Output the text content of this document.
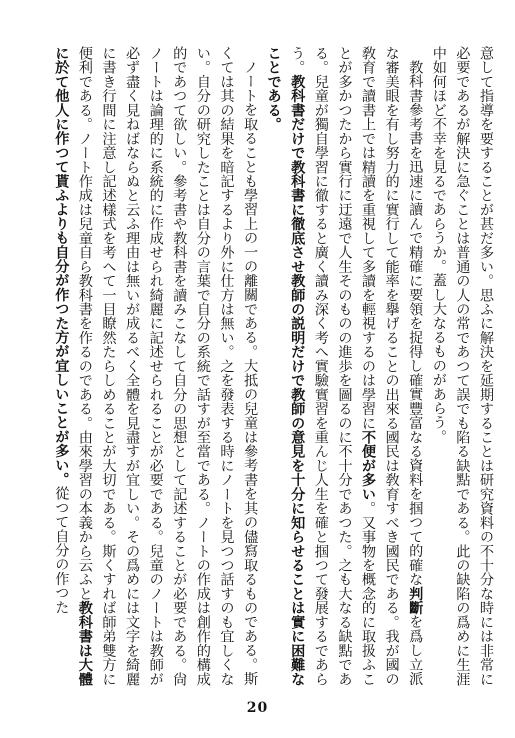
意して指導を要することが甚だ多い。思ふに解決を延期することは研究資料の不十分な時には非常に必要であるが解決に急ぐことは普通の人の常であつて誤でも陷る缺點である。此の缺陷の爲めに生涯中如何ほど不幸を見るであらうか。蓋し大なるものがあらう。

教科書參考書を迅速に讀んで精確に要領を捉得し確實豐富なる資料を掴つて的確な判斷を爲し立派な審美眼を有し努力的に實行して能率を擧げることの出來る國民は敎育すべき國民である。我が國の敎育で讀書上では精讀を重視して多讀を輕視するのは學習に不便が多い。又事物を概念的に取扱ふことが多かつたから實行に迂遠で人生そのものの進歩を圖るのに不十分であつた。之も大なる缺點である。兒童が獨自學習に徹すると廣く讀み深く考へ實驗實習を重んじ人生を確と掴つて發展するであらう。教科書だけで教科書に徹底させ教師の説明だけで教師の意見を十分に知らせることは實に困難なことである。

ノートを取ることも學習上の一の離關である。大抵の兒童は參考書を其の儘寫取るものである。斯くては其の結果を暗記するより外に仕方は無い。之を發表する時にノートを見つつ話すのも宜しくない。自分の研究したことは自分の言葉で自分の系統で話すが至當である。ノートの作成は創作的構成的であつて欲しい。參考書や教科書を讀みこなして自分の思想として記述することが必要である。尙ノートは論理的に系統的に作成せられ綺麗に記述せられることが必要である。兒童のノートは教師が必ず盡く見ねばならぬと云ふ理由は無いが成るべく全體を見盡すが宜しい。その爲めには文字を綺麗に書き行間に注意し記述樣式を考へて一目瞭然たらしめることが大切である。斯くすれば師弟雙方に便利である。ノート作成は兒童自ら教科書を作るのである。由來學習の本義から云ふと教科書は大體に於て他人に作つて貰ふよりも自分が作つた方が宜しいことが多い。從つて自分の作つた

20
